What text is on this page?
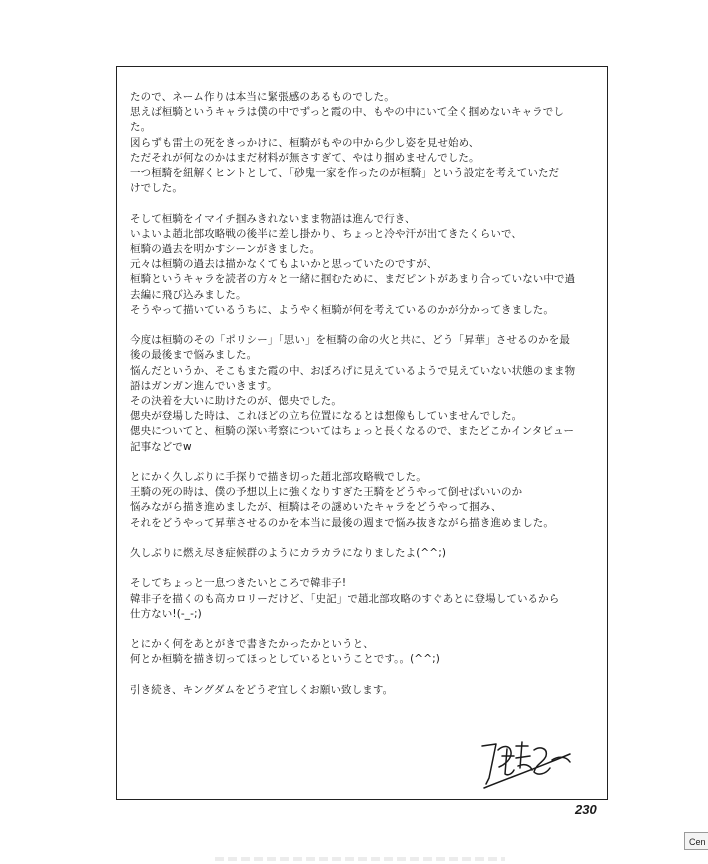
たので、ネーム作りは本当に緊張感のあるものでした。
思えば桓騎というキャラは僕の中でずっと霞の中、もやの中にいて全く掴めないキャラでし
た。
図らずも雷土の死をきっかけに、桓騎がもやの中から少し姿を見せ始め、
ただそれが何なのかはまだ材料が無さすぎて、やはり掴めませんでした。
一つ桓騎を紐解くヒントとして、「砂鬼一家を作ったのが桓騎」という設定を考えていただ
けでした。

そして桓騎をイマイチ掴みきれないまま物語は進んで行き、
いよいよ趙北部攻略戦の後半に差し掛かり、ちょっと冷や汗が出てきたくらいで、
桓騎の過去を明かすシーンがきました。
元々は桓騎の過去は描かなくてもよいかと思っていたのですが、
桓騎というキャラを読者の方々と一緒に掴むために、まだピントがあまり合っていない中で過
去編に飛び込みました。
そうやって描いているうちに、ようやく桓騎が何を考えているのかが分かってきました。

今度は桓騎のその「ポリシー」「思い」を桓騎の命の火と共に、どう「昇華」させるのかを最
後の最後まで悩みました。
悩んだというか、そこもまた霞の中、おぼろげに見えているようで見えていない状態のまま物
語はガンガン進んでいきます。
その決着を大いに助けたのが、偲央でした。
偲央が登場した時は、これほどの立ち位置になるとは想像もしていませんでした。
偲央についてと、桓騎の深い考察についてはちょっと長くなるので、またどこかインタビュー
記事などでw

とにかく久しぶりに手探りで描き切った趙北部攻略戦でした。
王騎の死の時は、僕の予想以上に強くなりすぎた王騎をどうやって倒せばいいのか
悩みながら描き進めましたが、桓騎はその謎めいたキャラをどうやって掴み、
それをどうやって昇華させるのかを本当に最後の週まで悩み抜きながら描き進めました。

久しぶりに燃え尽き症候群のようにカラカラになりましたよ(^^;)

そしてちょっと一息つきたいところで韓非子!
韓非子を描くのも高カロリーだけど、「史記」で趙北部攻略のすぐあとに登場しているから
仕方ない!(-_-;)

とにかく何をあとがきで書きたかったかというと、
何とか桓騎を描き切ってほっとしているということです。。(^^;)

引き続き、キングダムをどうぞ宜しくお願い致します。

230
Cen
